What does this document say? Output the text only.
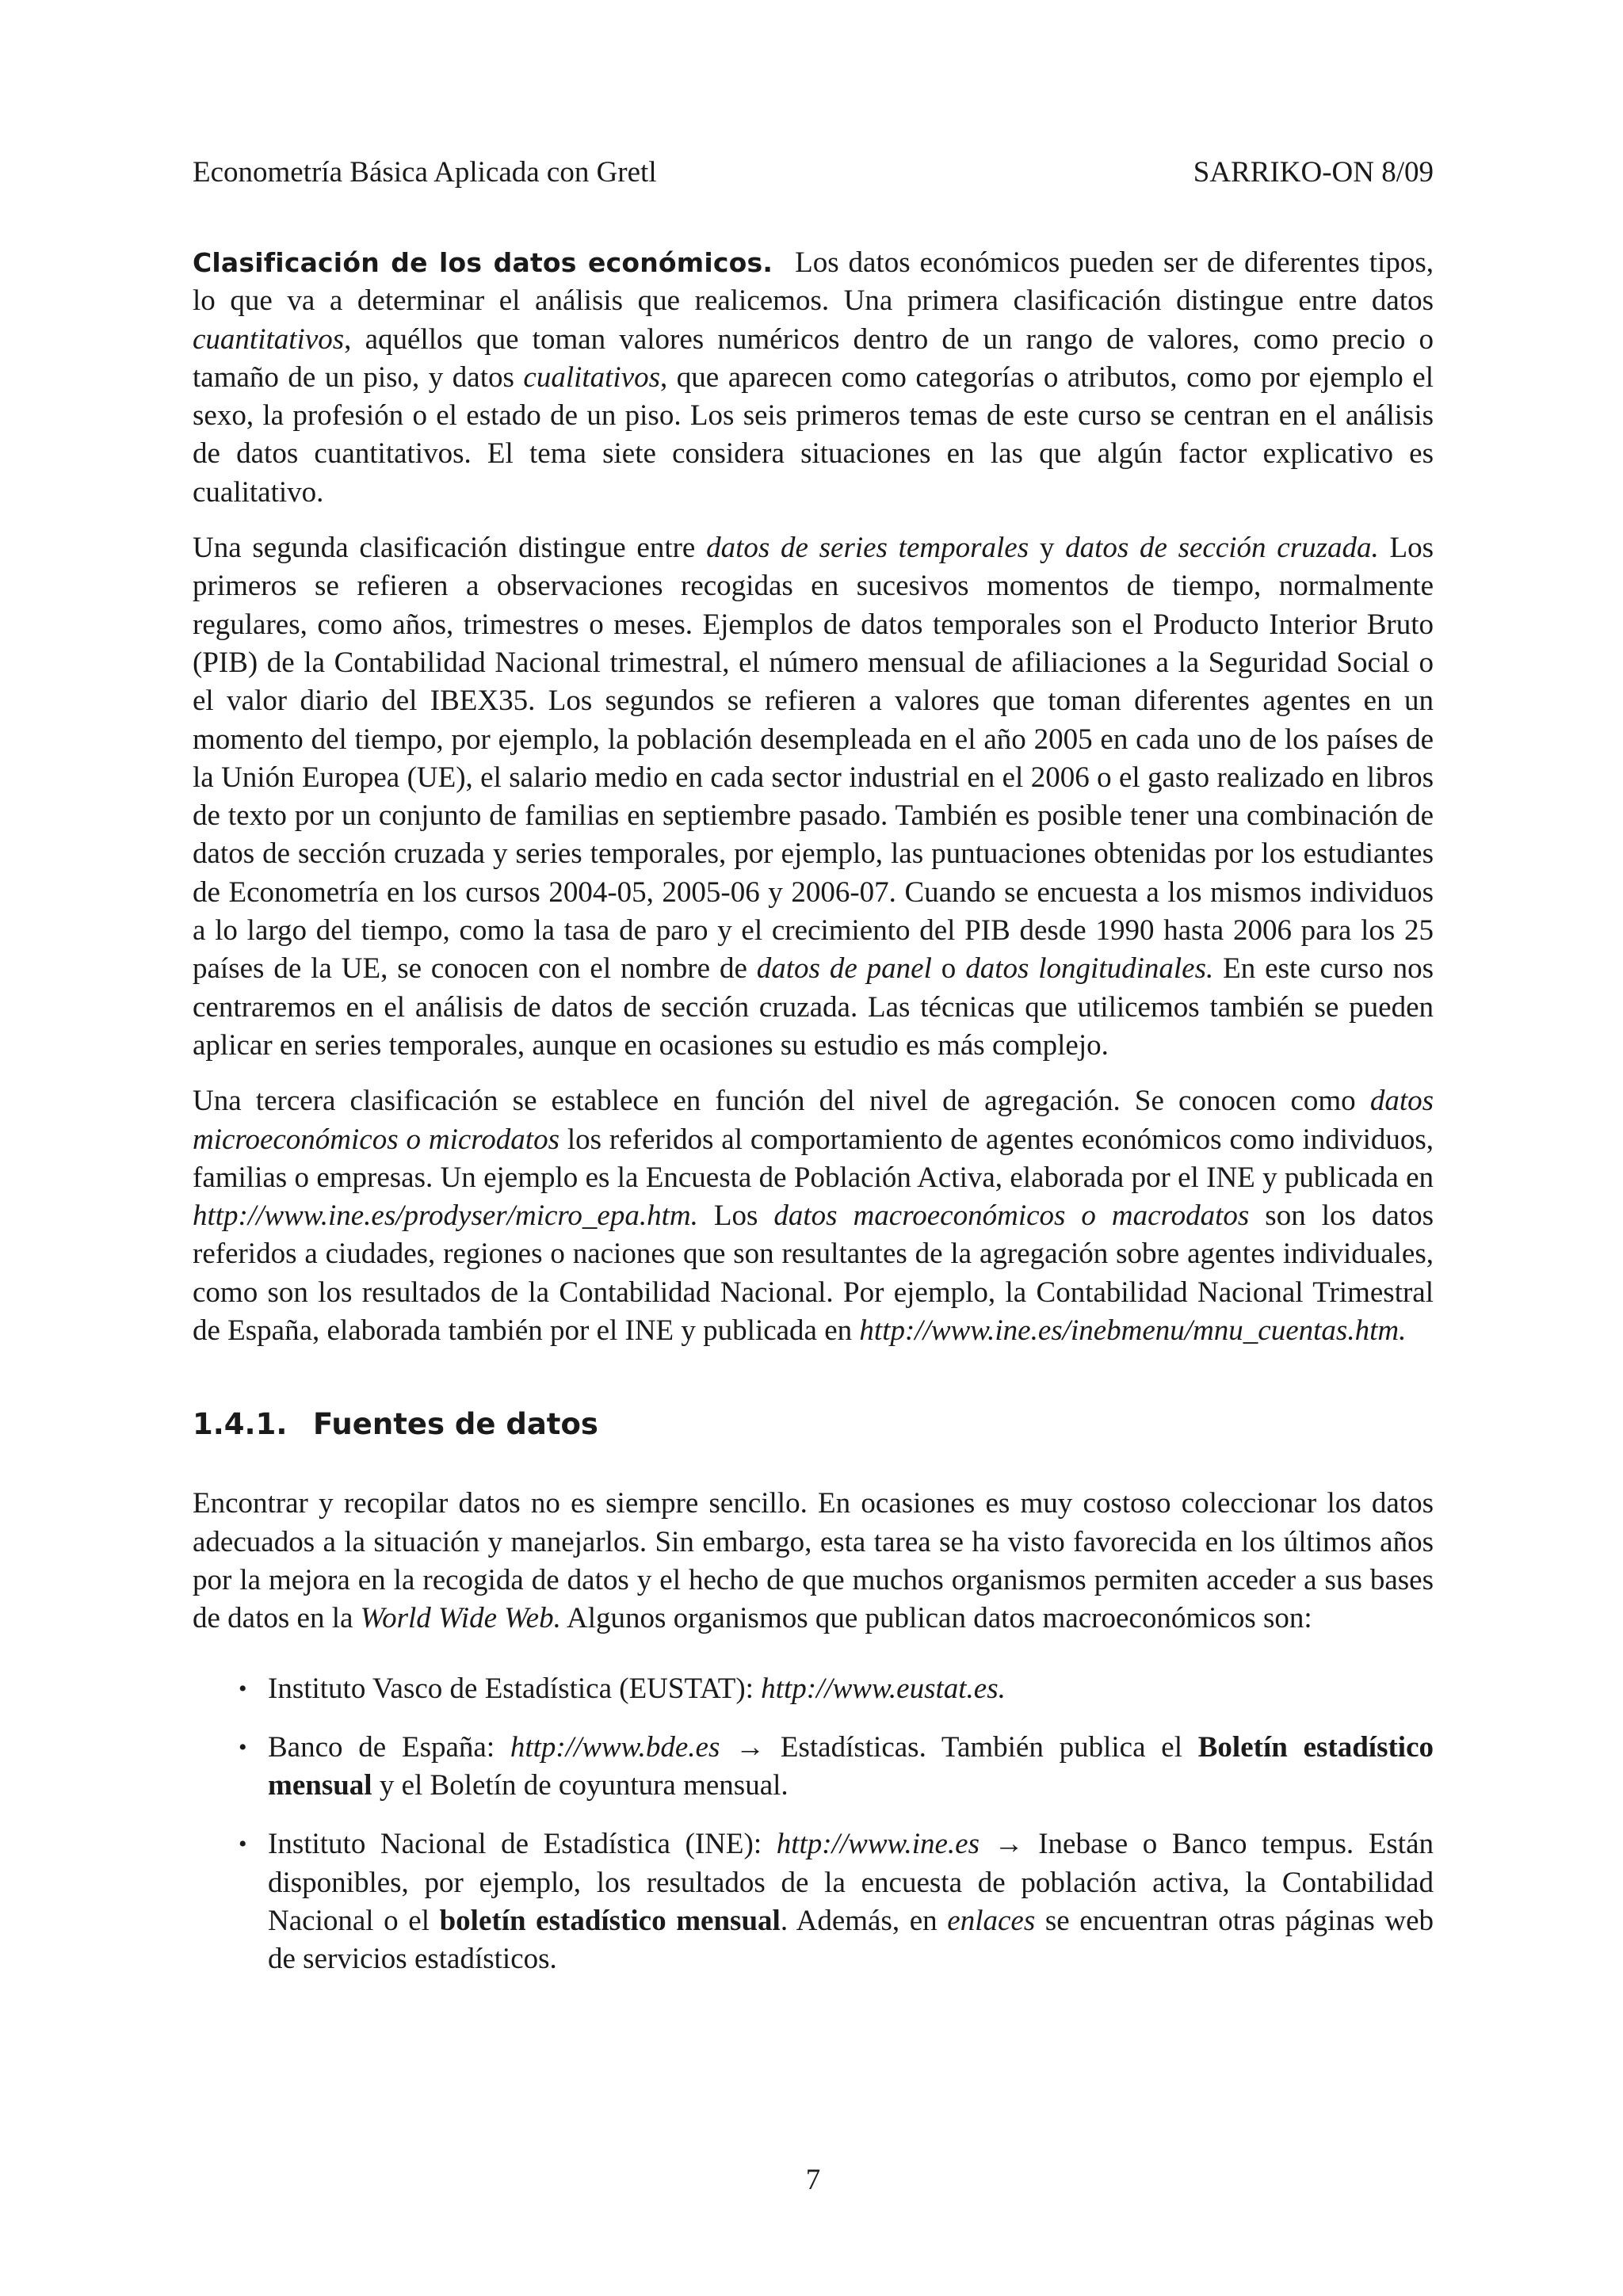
Econometría Básica Aplicada con Gretl	SARRIKO-ON 8/09

Clasificación de los datos económicos. Los datos económicos pueden ser de diferentes tipos, lo que va a determinar el análisis que realicemos. Una primera clasificación distingue entre datos cuantitativos, aquéllos que toman valores numéricos dentro de un rango de valores, como precio o tamaño de un piso, y datos cualitativos, que aparecen como categorías o atributos, como por ejemplo el sexo, la profesión o el estado de un piso. Los seis primeros temas de este curso se centran en el análisis de datos cuantitativos. El tema siete considera situaciones en las que algún factor explicativo es cualitativo.

Una segunda clasificación distingue entre datos de series temporales y datos de sección cruzada. Los primeros se refieren a observaciones recogidas en sucesivos momentos de tiempo, normalmente regulares, como años, trimestres o meses. Ejemplos de datos temporales son el Producto Interior Bruto (PIB) de la Contabilidad Nacional trimestral, el número mensual de afiliaciones a la Seguridad Social o el valor diario del IBEX35. Los segundos se refieren a valores que toman diferentes agentes en un momento del tiempo, por ejemplo, la población desempleada en el año 2005 en cada uno de los países de la Unión Europea (UE), el salario medio en cada sector industrial en el 2006 o el gasto realizado en libros de texto por un conjunto de familias en septiembre pasado. También es posible tener una combinación de datos de sección cruzada y series temporales, por ejemplo, las puntuaciones obtenidas por los estudiantes de Econometría en los cursos 2004-05, 2005-06 y 2006-07. Cuando se encuesta a los mismos individuos a lo largo del tiempo, como la tasa de paro y el crecimiento del PIB desde 1990 hasta 2006 para los 25 países de la UE, se conocen con el nombre de datos de panel o datos longitudinales. En este curso nos centraremos en el análisis de datos de sección cruzada. Las técnicas que utilicemos también se pueden aplicar en series temporales, aunque en ocasiones su estudio es más complejo.

Una tercera clasificación se establece en función del nivel de agregación. Se conocen como datos microeconómicos o microdatos los referidos al comportamiento de agentes económicos como individuos, familias o empresas. Un ejemplo es la Encuesta de Población Activa, elaborada por el INE y publicada en http://www.ine.es/prodyser/micro_epa.htm. Los datos macroeconómicos o macrodatos son los datos referidos a ciudades, regiones o naciones que son resultantes de la agregación sobre agentes individuales, como son los resultados de la Contabilidad Nacional. Por ejemplo, la Contabilidad Nacional Trimestral de España, elaborada también por el INE y publicada en http://www.ine.es/inebmenu/mnu_cuentas.htm.

1.4.1. Fuentes de datos

Encontrar y recopilar datos no es siempre sencillo. En ocasiones es muy costoso coleccionar los datos adecuados a la situación y manejarlos. Sin embargo, esta tarea se ha visto favorecida en los últimos años por la mejora en la recogida de datos y el hecho de que muchos organismos permiten acceder a sus bases de datos en la World Wide Web. Algunos organismos que publican datos macroeconómicos son:

• Instituto Vasco de Estadística (EUSTAT): http://www.eustat.es.
• Banco de España: http://www.bde.es → Estadísticas. También publica el Boletín estadístico mensual y el Boletín de coyuntura mensual.
• Instituto Nacional de Estadística (INE): http://www.ine.es → Inebase o Banco tempus. Están disponibles, por ejemplo, los resultados de la encuesta de población activa, la Contabilidad Nacional o el boletín estadístico mensual. Además, en enlaces se encuentran otras páginas web de servicios estadísticos.
7
